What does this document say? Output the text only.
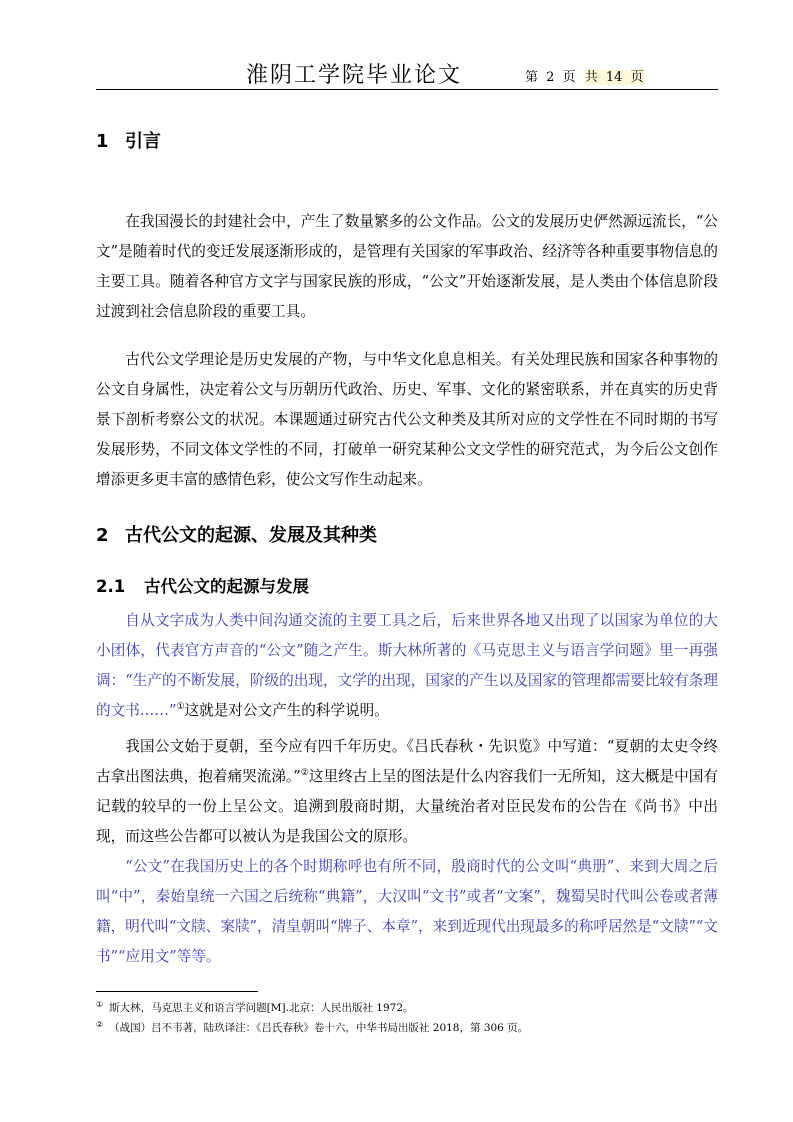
淮阴工学院毕业论文	第 2 页 共 14 页
1 引言

在我国漫长的封建社会中，产生了数量繁多的公文作品。公文的发展历史俨然源远流长，“公文”是随着时代的变迁发展逐渐形成的，是管理有关国家的军事政治、经济等各种重要事物信息的主要工具。随着各种官方文字与国家民族的形成，“公文”开始逐渐发展，是人类由个体信息阶段过渡到社会信息阶段的重要工具。

古代公文学理论是历史发展的产物，与中华文化息息相关。有关处理民族和国家各种事物的公文自身属性，决定着公文与历朝历代政治、历史、军事、文化的紧密联系，并在真实的历史背景下剖析考察公文的状况。本课题通过研究古代公文种类及其所对应的文学性在不同时期的书写发展形势，不同文体文学性的不同，打破单一研究某种公文文学性的研究范式，为今后公文创作增添更多更丰富的感情色彩，使公文写作生动起来。

2 古代公文的起源、发展及其种类
2.1 古代公文的起源与发展

自从文字成为人类中间沟通交流的主要工具之后，后来世界各地又出现了以国家为单位的大小团体，代表官方声音的“公文”随之产生。斯大林所著的《马克思主义与语言学问题》里一再强调：“生产的不断发展，阶级的出现，文学的出现，国家的产生以及国家的管理都需要比较有条理的文书……”①这就是对公文产生的科学说明。

我国公文始于夏朝，至今应有四千年历史。《吕氏春秋・先识览》中写道：“夏朝的太史令终古拿出图法典，抱着痛哭流涕。”②这里终古上呈的图法是什么内容我们一无所知，这大概是中国有记载的较早的一份上呈公文。追溯到殷商时期，大量统治者对臣民发布的公告在《尚书》中出现，而这些公告都可以被认为是我国公文的原形。

“公文”在我国历史上的各个时期称呼也有所不同，殷商时代的公文叫“典册”、来到大周之后叫“中”，秦始皇统一六国之后统称“典籍”，大汉叫“文书”或者“文案”，魏蜀吴时代叫公卷或者薄籍，明代叫“文牍、案牍”，清皇朝叫“牌子、本章”，来到近现代出现最多的称呼居然是“文牍”“文书”“应用文”等等。

① 斯大林，马克思主义和语言学问题[M].北京：人民出版社 1972。
② （战国）吕不韦著，陆玖译注：《吕氏春秋》卷十六，中华书局出版社 2018，第 306 页。
